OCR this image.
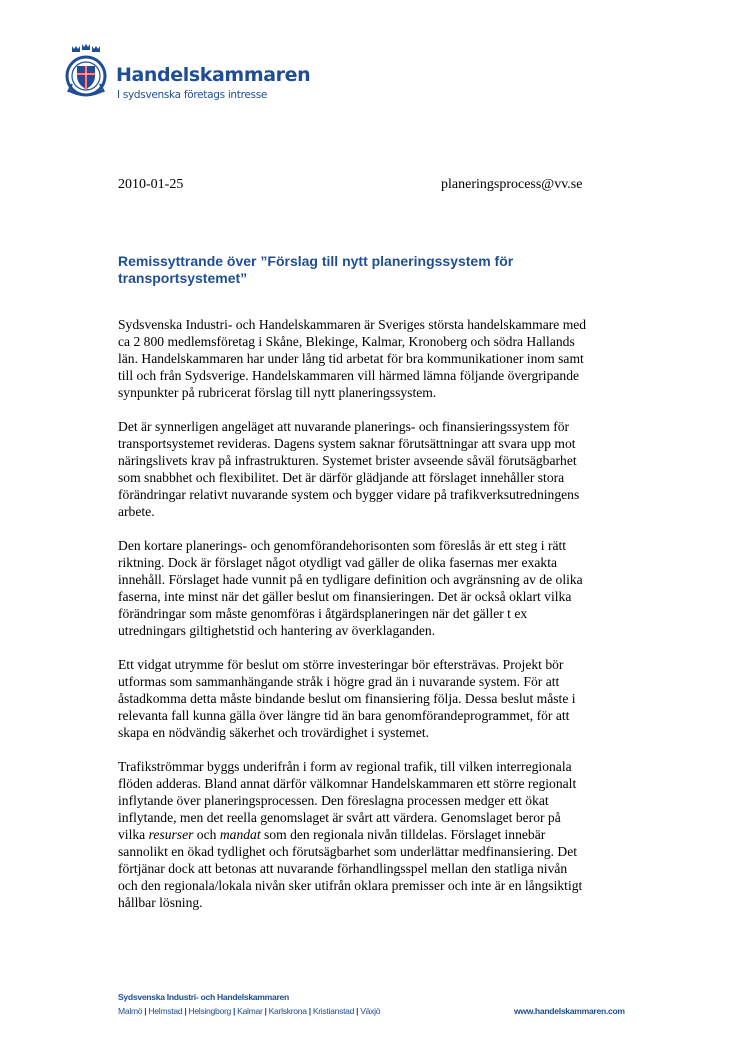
Handelskammaren
I sydsvenska företags intresse
2010-01-25	planeringsprocess@vv.se
Remissyttrande över ”Förslag till nytt planeringssystem för
transportsystemet”

Sydsvenska Industri- och Handelskammaren är Sveriges största handelskammare med
ca 2 800 medlemsföretag i Skåne, Blekinge, Kalmar, Kronoberg och södra Hallands
län. Handelskammaren har under lång tid arbetat för bra kommunikationer inom samt
till och från Sydsverige. Handelskammaren vill härmed lämna följande övergripande
synpunkter på rubricerat förslag till nytt planeringssystem.

Det är synnerligen angeläget att nuvarande planerings- och finansieringssystem för
transportsystemet revideras. Dagens system saknar förutsättningar att svara upp mot
näringslivets krav på infrastrukturen. Systemet brister avseende såväl förutsägbarhet
som snabbhet och flexibilitet. Det är därför glädjande att förslaget innehåller stora
förändringar relativt nuvarande system och bygger vidare på trafikverksutredningens
arbete.

Den kortare planerings- och genomförandehorisonten som föreslås är ett steg i rätt
riktning. Dock är förslaget något otydligt vad gäller de olika fasernas mer exakta
innehåll. Förslaget hade vunnit på en tydligare definition och avgränsning av de olika
faserna, inte minst när det gäller beslut om finansieringen. Det är också oklart vilka
förändringar som måste genomföras i åtgärdsplaneringen när det gäller t ex
utredningars giltighetstid och hantering av överklaganden.

Ett vidgat utrymme för beslut om större investeringar bör eftersträvas. Projekt bör
utformas som sammanhängande stråk i högre grad än i nuvarande system. För att
åstadkomma detta måste bindande beslut om finansiering följa. Dessa beslut måste i
relevanta fall kunna gälla över längre tid än bara genomförandeprogrammet, för att
skapa en nödvändig säkerhet och trovärdighet i systemet.

Trafikströmmar byggs underifrån i form av regional trafik, till vilken interregionala
flöden adderas. Bland annat därför välkomnar Handelskammaren ett större regionalt
inflytande över planeringsprocessen. Den föreslagna processen medger ett ökat
inflytande, men det reella genomslaget är svårt att värdera. Genomslaget beror på
vilka resurser och mandat som den regionala nivån tilldelas. Förslaget innebär
sannolikt en ökad tydlighet och förutsägbarhet som underlättar medfinansiering. Det
förtjänar dock att betonas att nuvarande förhandlingsspel mellan den statliga nivån
och den regionala/lokala nivån sker utifrån oklara premisser och inte är en långsiktigt
hållbar lösning.

Sydsvenska Industri- och Handelskammaren
Malmö | Helmstad | Helsingborg | Kalmar | Karlskrona | Kristianstad | Växjö	www.handelskammaren.com
